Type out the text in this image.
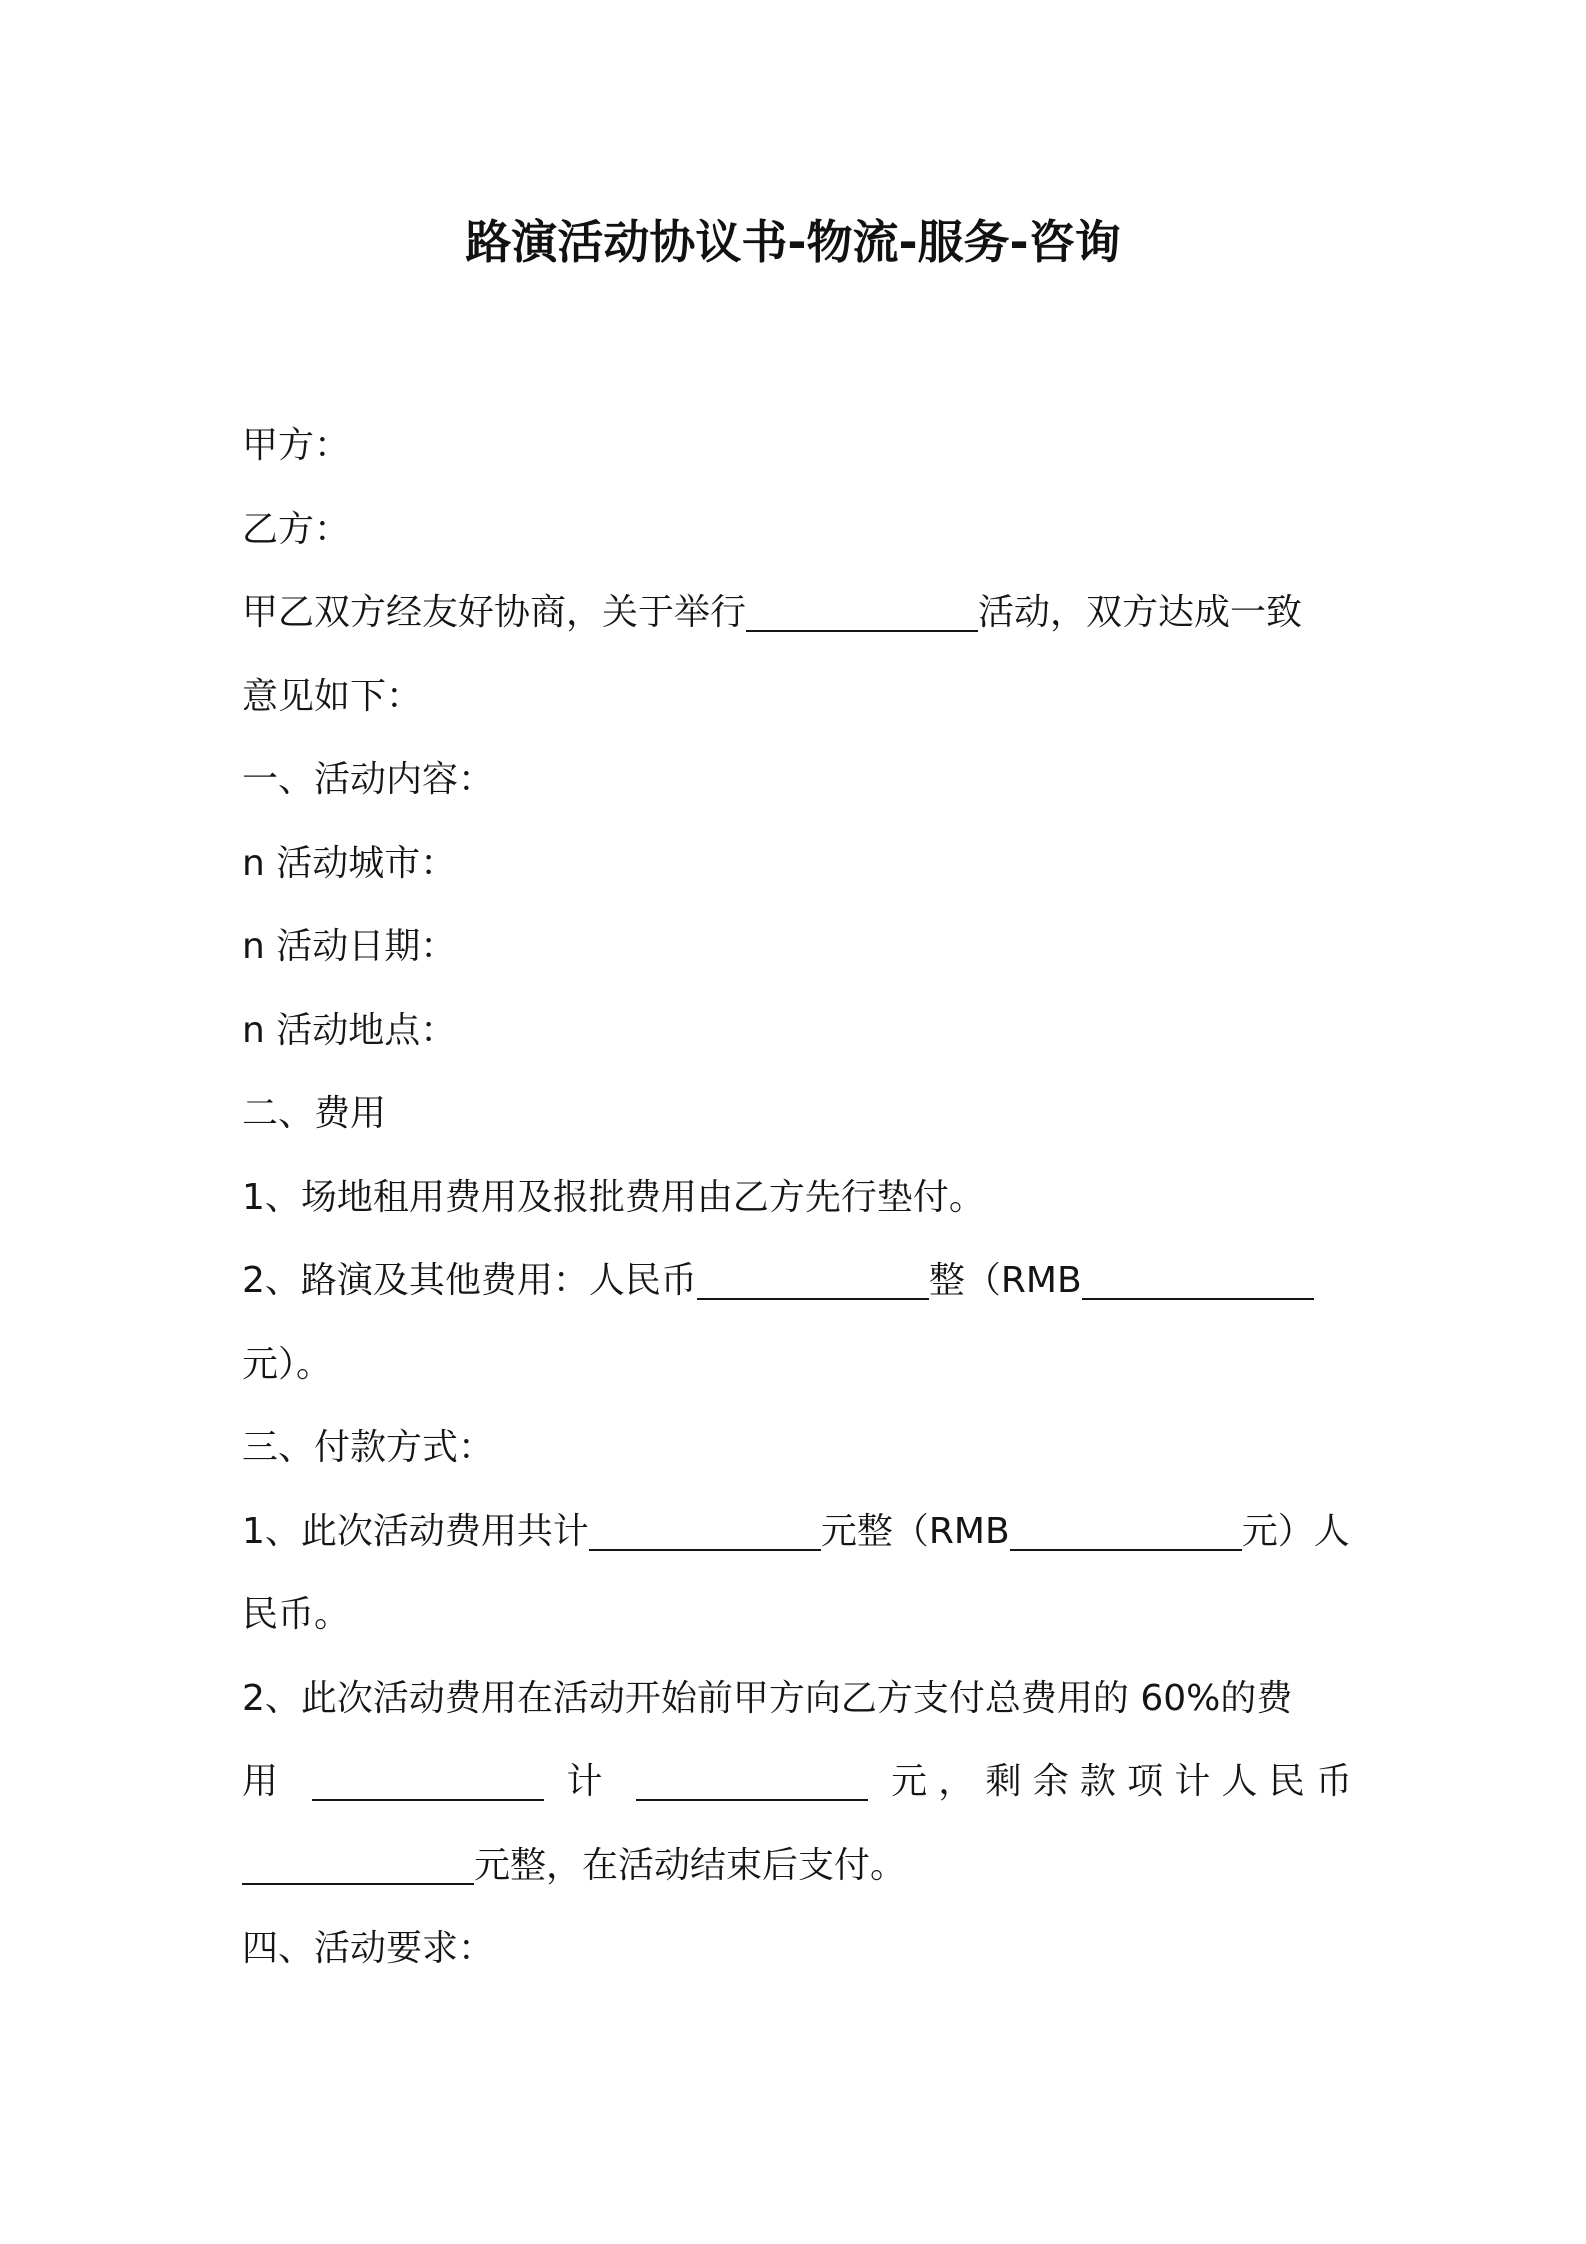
路演活动协议书-物流-服务-咨询
甲方：
乙方：
甲乙双方经友好协商，关于举行	活动，双方达成一致
意见如下：
一、活动内容：
n 活动城市：
n 活动日期：
n 活动地点：
二、费用
1、场地租用费用及报批费用由乙方先行垫付。
2、路演及其他费用：人民币	整（RMB
元）。
三、付款方式：
1、此次活动费用共计	元整（RMB	元）人
民币。
2、此次活动费用在活动开始前甲方向乙方支付总费用的 60%的费
用	计	元，剩余款项计人民币
元整，在活动结束后支付。
四、活动要求：
